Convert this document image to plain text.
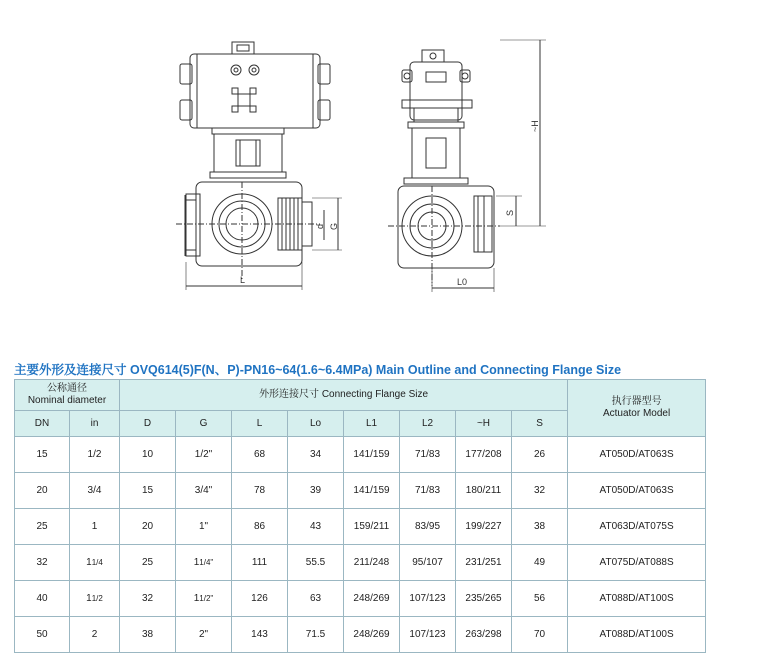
L
G
d
~H
S
L0
主要外形及连接尺寸 OVQ614(5)F(N、P)-PN16~64(1.6~6.4MPa) Main Outline and Connecting Flange Size
公称通径
Nominal diameter		外形连接尺寸 Connecting Flange Size								执行器型号
Actuator Model
DN	in	D	G	L	Lo	L1	L2	~H	S	
15	1/2	10	1/2"	68	34	141/159	71/83	177/208	26	AT050D/AT063S
20	3/4	15	3/4"	78	39	141/159	71/83	180/211	32	AT050D/AT063S
25	1	20	1"	86	43	159/211	83/95	199/227	38	AT063D/AT075S
32	11/4	25	11/4"	111	55.5	211/248	95/107	231/251	49	AT075D/AT088S
40	11/2	32	11/2"	126	63	248/269	107/123	235/265	56	AT088D/AT100S
50	2	38	2"	143	71.5	248/269	107/123	263/298	70	AT088D/AT100S
